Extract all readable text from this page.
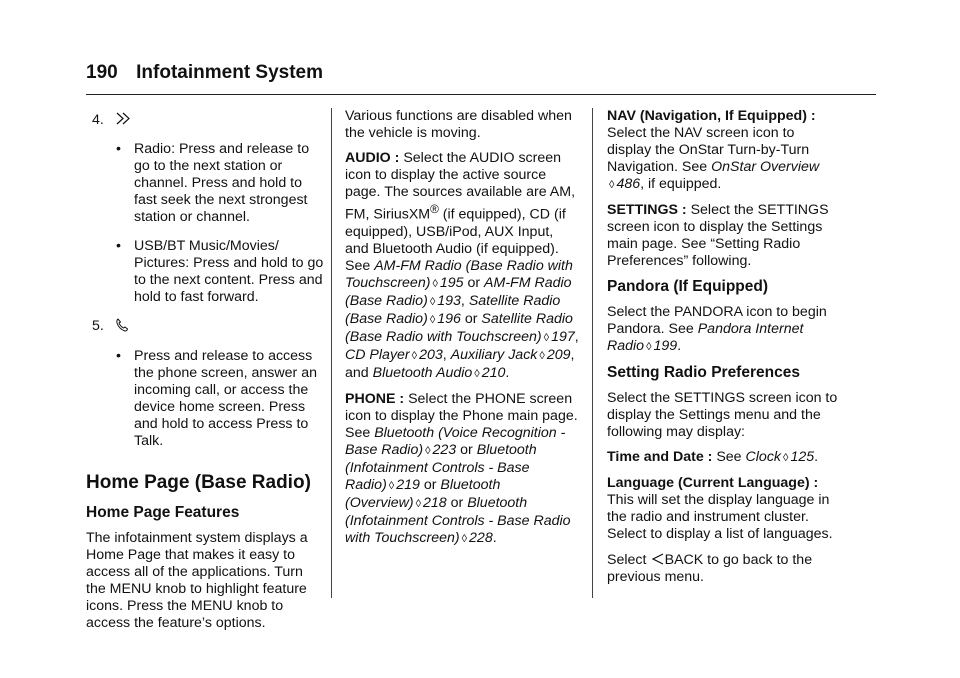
190 Infotainment System
4.
• Radio: Press and release to go to the next station or channel. Press and hold to fast seek the next strongest station or channel.
• USB/BT Music/Movies/ Pictures: Press and hold to go to the next content. Press and hold to fast forward.
5.
• Press and release to access the phone screen, answer an incoming call, or access the device home screen. Press and hold to access Press to Talk.
Home Page (Base Radio)
Home Page Features

The infotainment system displays a Home Page that makes it easy to access all of the applications. Turn the MENU knob to highlight feature icons. Press the MENU knob to access the feature’s options.

Various functions are disabled when the vehicle is moving.

AUDIO : Select the AUDIO screen icon to display the active source page. The sources available are AM, FM, SiriusXM® (if equipped), CD (if equipped), USB/iPod, AUX Input, and Bluetooth Audio (if equipped). See AM-FM Radio (Base Radio with Touchscreen) ◊ 195 or AM-FM Radio (Base Radio) ◊ 193, Satellite Radio (Base Radio) ◊ 196 or Satellite Radio (Base Radio with Touchscreen) ◊ 197, CD Player ◊ 203, Auxiliary Jack ◊ 209, and Bluetooth Audio ◊ 210.

PHONE : Select the PHONE screen icon to display the Phone main page. See Bluetooth (Voice Recognition - Base Radio) ◊ 223 or Bluetooth (Infotainment Controls - Base Radio) ◊ 219 or Bluetooth (Overview) ◊ 218 or Bluetooth (Infotainment Controls - Base Radio with Touchscreen) ◊ 228.

NAV (Navigation, If Equipped) :
Select the NAV screen icon to display the OnStar Turn-by-Turn Navigation. See OnStar Overview
◊ 486, if equipped.

SETTINGS : Select the SETTINGS screen icon to display the Settings main page. See “Setting Radio Preferences” following.

Pandora (If Equipped)

Select the PANDORA icon to begin Pandora. See Pandora Internet Radio ◊ 199.

Setting Radio Preferences

Select the SETTINGS screen icon to display the Settings menu and the following may display:

Time and Date : See Clock ◊ 125.

Language (Current Language) :
This will set the display language in the radio and instrument cluster. Select to display a list of languages.

Select BACK to go back to the previous menu.
